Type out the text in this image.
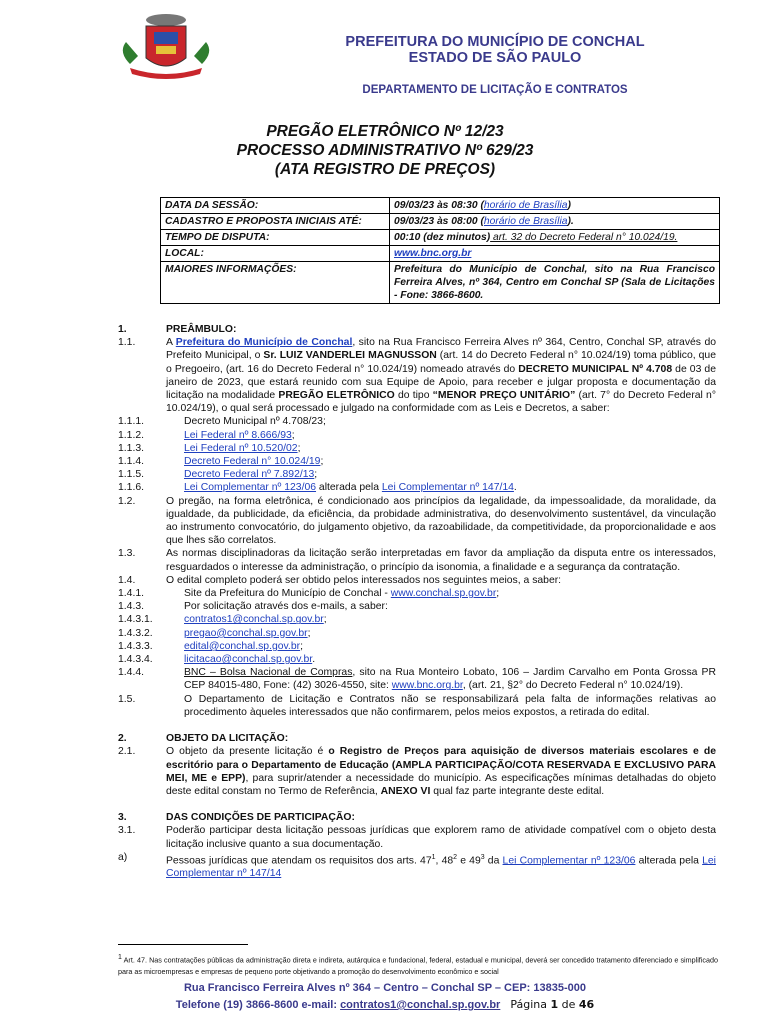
PREFEITURA DO MUNICÍPIO DE CONCHAL
ESTADO DE SÃO PAULO
DEPARTAMENTO DE LICITAÇÃO E CONTRATOS
PREGÃO ELETRÔNICO Nº 12/23
PROCESSO ADMINISTRATIVO Nº 629/23
(ATA REGISTRO DE PREÇOS)
DATA DA SESSÃO:	09/03/23 às 08:30 (horário de Brasília)
CADASTRO E PROPOSTA INICIAIS ATÉ:	09/03/23 às 08:00 (horário de Brasília).
TEMPO DE DISPUTA:	00:10 (dez minutos) art. 32 do Decreto Federal n° 10.024/19.
LOCAL:	www.bnc.org.br
MAIORES INFORMAÇÕES:	Prefeitura do Município de Conchal, sito na Rua Francisco Ferreira Alves, nº 364, Centro em Conchal SP (Sala de Licitações - Fone: 3866-8600.
1.	PREÂMBULO:
1.1.	A Prefeitura do Município de Conchal, sito na Rua Francisco Ferreira Alves nº 364, Centro, Conchal SP, através do Prefeito Municipal, o Sr. LUIZ VANDERLEI MAGNUSSON (art. 14 do Decreto Federal n° 10.024/19) toma público, que o Pregoeiro, (art. 16 do Decreto Federal n° 10.024/19) nomeado através do DECRETO MUNICIPAL Nº 4.708 de 03 de janeiro de 2023, que estará reunido com sua Equipe de Apoio, para receber e julgar proposta e documentação da licitação na modalidade PREGÃO ELETRÔNICO do tipo “MENOR PREÇO UNITÁRIO” (art. 7° do Decreto Federal n° 10.024/19), o qual será processado e julgado na conformidade com as Leis e Decretos, a saber:
1.1.1.	Decreto Municipal nº 4.708/23;
1.1.2.	Lei Federal nº 8.666/93;
1.1.3.	Lei Federal nº 10.520/02;
1.1.4.	Decreto Federal n° 10.024/19;
1.1.5.	Decreto Federal nº 7.892/13;
1.1.6.	Lei Complementar nº 123/06 alterada pela Lei Complementar nº 147/14.
1.2.	O pregão, na forma eletrônica, é condicionado aos princípios da legalidade, da impessoalidade, da moralidade, da igualdade, da publicidade, da eficiência, da probidade administrativa, do desenvolvimento sustentável, da vinculação ao instrumento convocatório, do julgamento objetivo, da razoabilidade, da competitividade, da proporcionalidade e aos que lhes são correlatos.
1.3.	As normas disciplinadoras da licitação serão interpretadas em favor da ampliação da disputa entre os interessados, resguardados o interesse da administração, o princípio da isonomia, a finalidade e a segurança da contratação.
1.4.	O edital completo poderá ser obtido pelos interessados nos seguintes meios, a saber:
1.4.1.	Site da Prefeitura do Município de Conchal - www.conchal.sp.gov.br;
1.4.3.	Por solicitação através dos e-mails, a saber:
1.4.3.1.	contratos1@conchal.sp.gov.br;
1.4.3.2.	pregao@conchal.sp.gov.br;
1.4.3.3.	edital@conchal.sp.gov.br;
1.4.3.4.	licitacao@conchal.sp.gov.br.
1.4.4.	BNC – Bolsa Nacional de Compras, sito na Rua Monteiro Lobato, 106 – Jardim Carvalho em Ponta Grossa PR CEP 84015-480, Fone: (42) 3026-4550, site: www.bnc.org.br, (art. 21, §2° do Decreto Federal n° 10.024/19).
1.5.	O Departamento de Licitação e Contratos não se responsabilizará pela falta de informações relativas ao procedimento àqueles interessados que não confirmarem, pelos meios expostos, a retirada do edital.
2.	OBJETO DA LICITAÇÃO:
2.1.	O objeto da presente licitação é o Registro de Preços para aquisição de diversos materiais escolares e de escritório para o Departamento de Educação (AMPLA PARTICIPAÇÃO/COTA RESERVADA E EXCLUSIVO PARA MEI, ME e EPP), para suprir/atender a necessidade do município. As especificações mínimas detalhadas do objeto deste edital constam no Termo de Referência, ANEXO VI qual faz parte integrante deste edital.
3.	DAS CONDIÇÕES DE PARTICIPAÇÃO:
3.1.	Poderão participar desta licitação pessoas jurídicas que explorem ramo de atividade compatível com o objeto desta licitação inclusive quanto a sua documentação.
a)	Pessoas jurídicas que atendam os requisitos dos arts. $47^1$, $48^2$ e $49^3$ da Lei Complementar nº 123/06 alterada pela Lei Complementar nº 147/14
$^1$ Art. 47. Nas contratações públicas da administração direta e indireta, autárquica e fundacional, federal, estadual e municipal, deverá ser concedido tratamento diferenciado e simplificado para as microempresas e empresas de pequeno porte objetivando a promoção do desenvolvimento econômico e social
Rua Francisco Ferreira Alves nº 364 – Centro – Conchal SP – CEP: 13835-000
Telefone (19) 3866-8600 e-mail: contratos1@conchal.sp.gov.br Página 1 de 46
